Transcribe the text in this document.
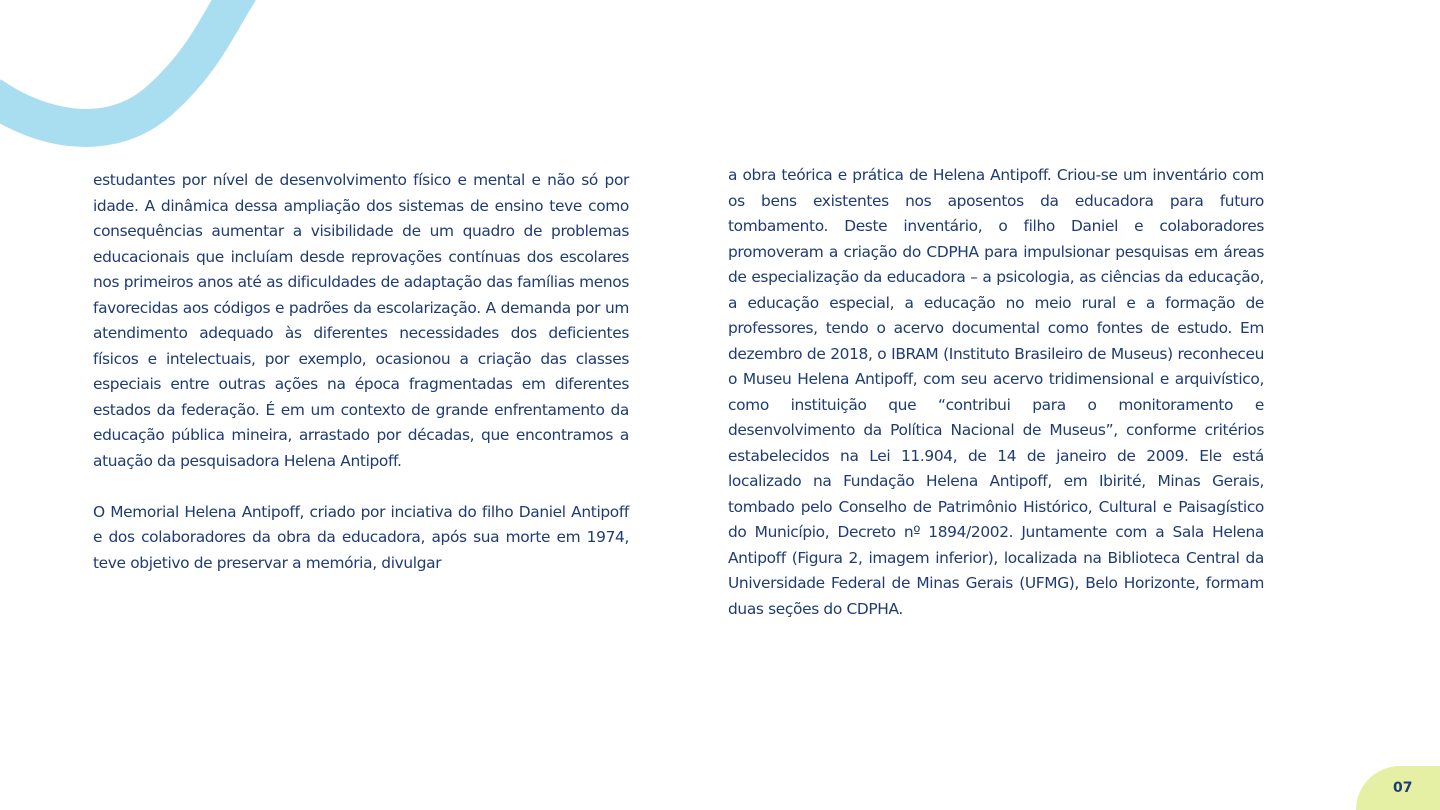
estudantes por nível de desenvolvimento físico e mental e não só por idade. A dinâmica dessa ampliação dos sistemas de ensino teve como consequências aumentar a visibilidade de um quadro de problemas educacionais que incluíam desde reprovações contínuas dos escolares nos primeiros anos até as dificuldades de adaptação das famílias menos favorecidas aos códigos e padrões da escolarização. A demanda por um atendimento adequado às diferentes necessidades dos deficientes físicos e intelectuais, por exemplo, ocasionou a criação das classes especiais entre outras ações na época fragmentadas em diferentes estados da federação. É em um contexto de grande enfrentamento da educação pública mineira, arrastado por décadas, que encontramos a atuação da pesquisadora Helena Antipoff.

O Memorial Helena Antipoff, criado por inciativa do filho Daniel Antipoff e dos colaboradores da obra da educadora, após sua morte em 1974, teve objetivo de preservar a memória, divulgar

a obra teórica e prática de Helena Antipoff. Criou-se um inventário com os bens existentes nos aposentos da educadora para futuro tombamento. Deste inventário, o filho Daniel e colaboradores promoveram a criação do CDPHA para impulsionar pesquisas em áreas de especialização da educadora – a psicologia, as ciências da educação, a educação especial, a educação no meio rural e a formação de professores, tendo o acervo documental como fontes de estudo. Em dezembro de 2018, o IBRAM (Instituto Brasileiro de Museus) reconheceu o Museu Helena Antipoff, com seu acervo tridimensional e arquivístico, como instituição que “contribui para o monitoramento e desenvolvimento da Política Nacional de Museus”, conforme critérios estabelecidos na Lei 11.904, de 14 de janeiro de 2009. Ele está localizado na Fundação Helena Antipoff, em Ibirité, Minas Gerais, tombado pelo Conselho de Patrimônio Histórico, Cultural e Paisagístico do Município, Decreto nº 1894/2002. Juntamente com a Sala Helena Antipoff (Figura 2, imagem inferior), localizada na Biblioteca Central da Universidade Federal de Minas Gerais (UFMG), Belo Horizonte, formam duas seções do CDPHA.

07
